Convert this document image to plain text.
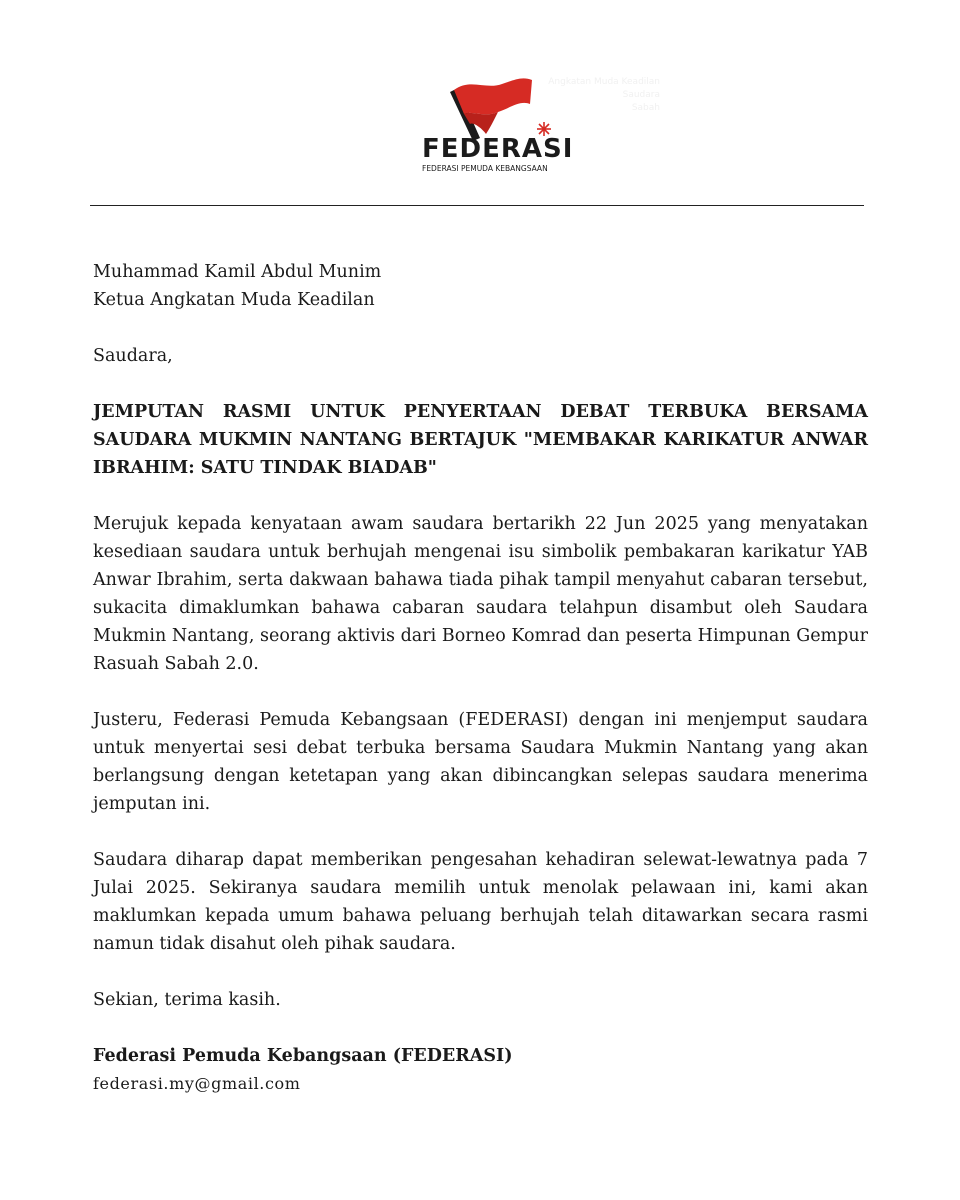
FEDERASI
FEDERASI PEMUDA KEBANGSAAN
Angkatan Muda Keadilan
Saudara
Sabah

Muhammad Kamil Abdul Munim

Ketua Angkatan Muda Keadilan

Saudara,

JEMPUTAN RASMI UNTUK PENYERTAAN DEBAT TERBUKA BERSAMA SAUDARA MUKMIN NANTANG BERTAJUK "MEMBAKAR KARIKATUR ANWAR IBRAHIM: SATU TINDAK BIADAB"

Merujuk kepada kenyataan awam saudara bertarikh 22 Jun 2025 yang menyatakan kesediaan saudara untuk berhujah mengenai isu simbolik pembakaran karikatur YAB Anwar Ibrahim, serta dakwaan bahawa tiada pihak tampil menyahut cabaran tersebut, sukacita dimaklumkan bahawa cabaran saudara telahpun disambut oleh Saudara Mukmin Nantang, seorang aktivis dari Borneo Komrad dan peserta Himpunan Gempur Rasuah Sabah 2.0.

Justeru, Federasi Pemuda Kebangsaan (FEDERASI) dengan ini menjemput saudara untuk menyertai sesi debat terbuka bersama Saudara Mukmin Nantang yang akan berlangsung dengan ketetapan yang akan dibincangkan selepas saudara menerima jemputan ini.

Saudara diharap dapat memberikan pengesahan kehadiran selewat-lewatnya pada 7 Julai 2025. Sekiranya saudara memilih untuk menolak pelawaan ini, kami akan maklumkan kepada umum bahawa peluang berhujah telah ditawarkan secara rasmi namun tidak disahut oleh pihak saudara.

Sekian, terima kasih.

Federasi Pemuda Kebangsaan (FEDERASI)

federasi.my@gmail.com
